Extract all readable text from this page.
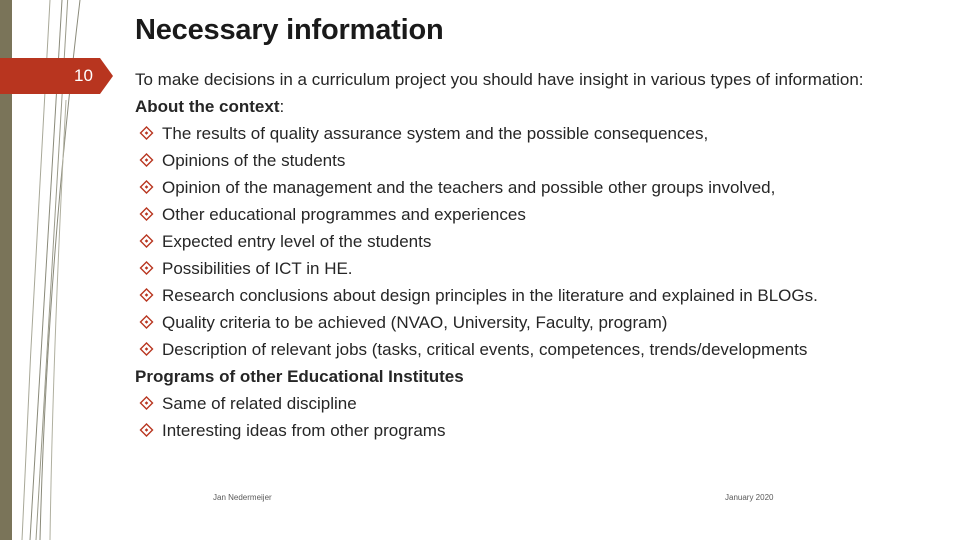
10
Necessary information
To make decisions in a curriculum project you should have insight in various types of information:
About the context:
The results of quality assurance system and the possible consequences,
Opinions of the students
Opinion of the management and the teachers and possible other groups involved,
Other educational programmes and experiences
Expected entry level of the students
Possibilities of ICT in HE.
Research conclusions about design principles in the literature and explained in BLOGs.
Quality criteria to be achieved (NVAO, University, Faculty, program)
Description of relevant jobs (tasks, critical events, competences, trends/developments
Programs of other Educational Institutes
Same of related discipline
Interesting ideas from other programs
Jan Nedermeijer	January 2020
